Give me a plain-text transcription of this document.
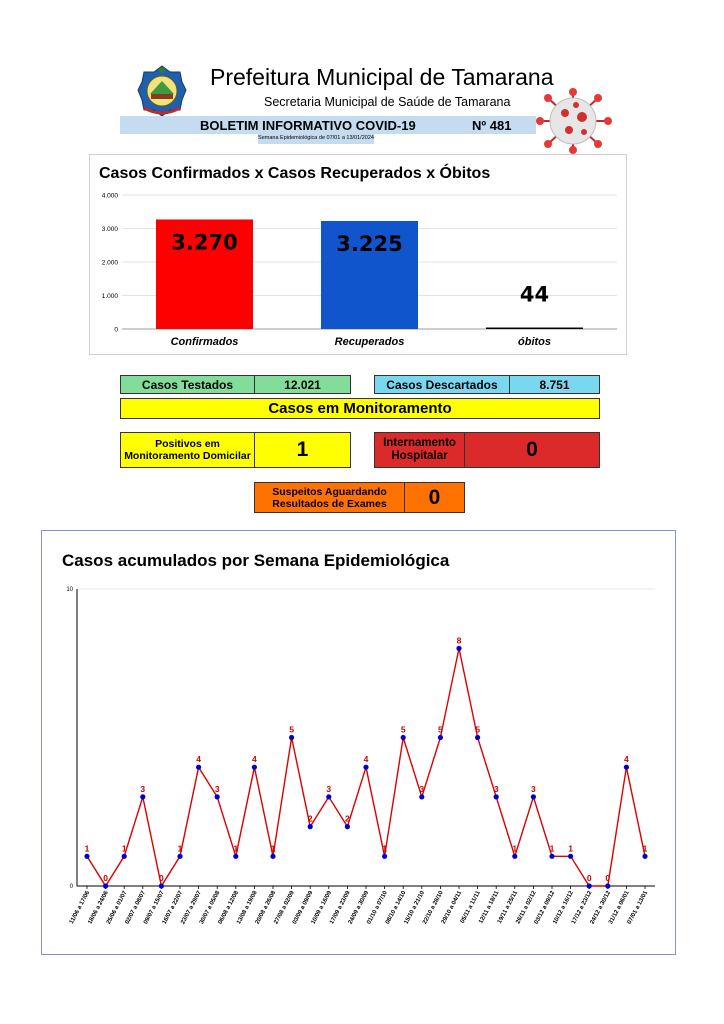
Prefeitura Municipal de Tamarana
Secretaria Municipal de Saúde de Tamarana
BOLETIM INFORMATIVO COVID-19	Nº 481
Semana Epidemiológica de 07/01 a 13/01/2024
0
1.000
2.000
3.000
4.000
3.270
Confirmados
3.225
Recuperados
44
óbitos
Casos Confirmados x Casos Recuperados x Óbitos
Casos Testados	12.021	Casos Descartados	8.751
Casos em Monitoramento
Positivos em Monitoramento Domicilar	1	Internamento Hospitalar	0
Suspeitos Aguardando Resultados de Exames	0
0
10
1
11/06 a 17/06
0
18/06 a 24/06
1
25/06 a 01/07
3
02/07 a 08/07
0
09/07 a 15/07
1
16/07 a 22/07
4
23/07 a 29/07
3
30/07 a 05/08
1
06/08 a 12/08
4
13/08 a 19/08
1
20/08 a 26/08
5
27/08 a 02/09
2
03/09 a 09/09
3
10/09 a 16/09
2
17/09 a 23/09
4
24/09 a 30/09
1
01/10 a 07/10
5
08/10 a 14/10
3
15/10 a 21/10
5
22/10 a 28/10
8
29/10 a 04/11
5
05/11 a 11/11
3
12/11 a 18/11
1
19/11 a 25/11
3
26/11 a 02/12
1
03/12 a 09/12
1
10/12 a 16/12
0
17/12 a 23/12
0
24/12 a 30/12
4
31/12 a 06/01
1
07/01 a 13/01
Casos acumulados por Semana Epidemiológica
